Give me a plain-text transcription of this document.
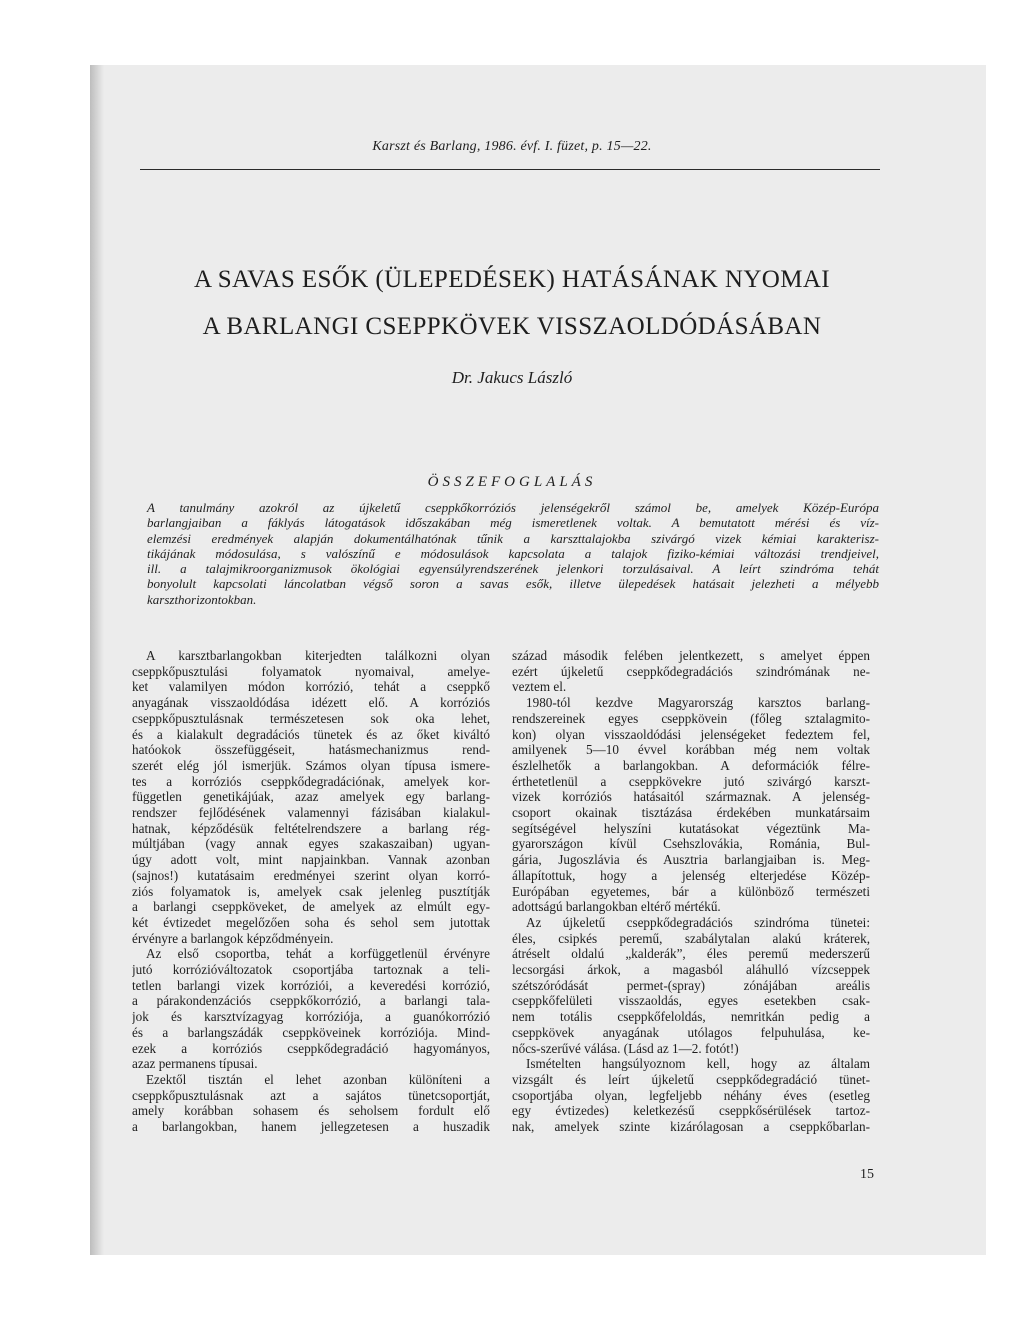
Karszt és Barlang, 1986. évf. I. füzet, p. 15—22.
A SAVAS ESŐK (ÜLEPEDÉSEK) HATÁSÁNAK NYOMAI
A BARLANGI CSEPPKÖVEK VISSZAOLDÓDÁSÁBAN
Dr. Jakucs László
ÖSSZEFOGLALÁS
A tanulmány azokról az újkeletű cseppkőkorróziós jelenségekről számol be, amelyek Közép-Európa
barlangjaiban a fáklyás látogatások időszakában még ismeretlenek voltak. A bemutatott mérési és víz-
elemzési eredmények alapján dokumentálhatónak tűnik a karszttalajokba szivárgó vizek kémiai karakterisz-
tikájának módosulása, s valószínű e módosulások kapcsolata a talajok fiziko-kémiai változási trendjeivel,
ill. a talajmikroorganizmusok ökológiai egyensúlyrendszerének jelenkori torzulásaival. A leírt szindróma tehát
bonyolult kapcsolati láncolatban végső soron a savas esők, illetve ülepedések hatásait jelezheti a mélyebb
karszthorizontokban.
A karsztbarlangokban kiterjedten találkozni olyan
cseppkőpusztulási folyamatok nyomaival, amelye-
ket valamilyen módon korrózió, tehát a cseppkő
anyagának visszaoldódása idézett elő. A korróziós
cseppkőpusztulásnak természetesen sok oka lehet,
és a kialakult degradációs tünetek és az őket kiváltó
hatóokok összefüggéseit, hatásmechanizmus rend-
szerét elég jól ismerjük. Számos olyan típusa ismere-
tes a korróziós cseppkődegradációnak, amelyek kor-
független genetikájúak, azaz amelyek egy barlang-
rendszer fejlődésének valamennyi fázisában kialakul-
hatnak, képződésük feltételrendszere a barlang rég-
múltjában (vagy annak egyes szakaszaiban) ugyan-
úgy adott volt, mint napjainkban. Vannak azonban
(sajnos!) kutatásaim eredményei szerint olyan korró-
ziós folyamatok is, amelyek csak jelenleg pusztítják
a barlangi cseppköveket, de amelyek az elmúlt egy-
két évtizedet megelőzően soha és sehol sem jutottak
érvényre a barlangok képződményein.
Az első csoportba, tehát a korfüggetlenül érvényre
jutó korrózióváltozatok csoportjába tartoznak a teli-
tetlen barlangi vizek korróziói, a keveredési korrózió,
a párakondenzációs cseppkőkorrózió, a barlangi tala-
jok és karsztvízagyag korróziója, a guanókorrózió
és a barlangszádák cseppköveinek korróziója. Mind-
ezek a korróziós cseppkődegradáció hagyományos,
azaz permanens típusai.
Ezektől tisztán el lehet azonban különíteni a
cseppkőpusztulásnak azt a sajátos tünetcsoportját,
amely korábban sohasem és seholsem fordult elő
a barlangokban, hanem jellegzetesen a huszadik
század második felében jelentkezett, s amelyet éppen
ezért újkeletű cseppkődegradációs szindrómának ne-
veztem el.
1980-tól kezdve Magyarország karsztos barlang-
rendszereinek egyes cseppkövein (főleg sztalagmito-
kon) olyan visszaoldódási jelenségeket fedeztem fel,
amilyenek 5—10 évvel korábban még nem voltak
észlelhetők a barlangokban. A deformációk félre-
érthetetlenül a cseppkövekre jutó szivárgó karszt-
vizek korróziós hatásaitól származnak. A jelenség-
csoport okainak tisztázása érdekében munkatársaim
segítségével helyszíni kutatásokat végeztünk Ma-
gyarországon kívül Csehszlovákia, Románia, Bul-
gária, Jugoszlávia és Ausztria barlangjaiban is. Meg-
állapítottuk, hogy a jelenség elterjedése Közép-
Európában egyetemes, bár a különböző természeti
adottságú barlangokban eltérő mértékű.
Az újkeletű cseppkődegradációs szindróma tünetei:
éles, csipkés peremű, szabálytalan alakú kráterek,
átréselt oldalú „kalderák”, éles peremű mederszerű
lecsorgási árkok, a magasból aláhulló vízcseppek
szétszóródását permet-(spray) zónájában areális
cseppkőfelületi visszaoldás, egyes esetekben csak-
nem totális cseppkőfeloldás, nemritkán pedig a
cseppkövek anyagának utólagos felpuhulása, ke-
nőcs-szerűvé válása. (Lásd az 1—2. fotót!)
Ismételten hangsúlyoznom kell, hogy az általam
vizsgált és leírt újkeletű cseppkődegradáció tünet-
csoportjába olyan, legfeljebb néhány éves (esetleg
egy évtizedes) keletkezésű cseppkősérülések tartoz-
nak, amelyek szinte kizárólagosan a cseppkőbarlan-
15
